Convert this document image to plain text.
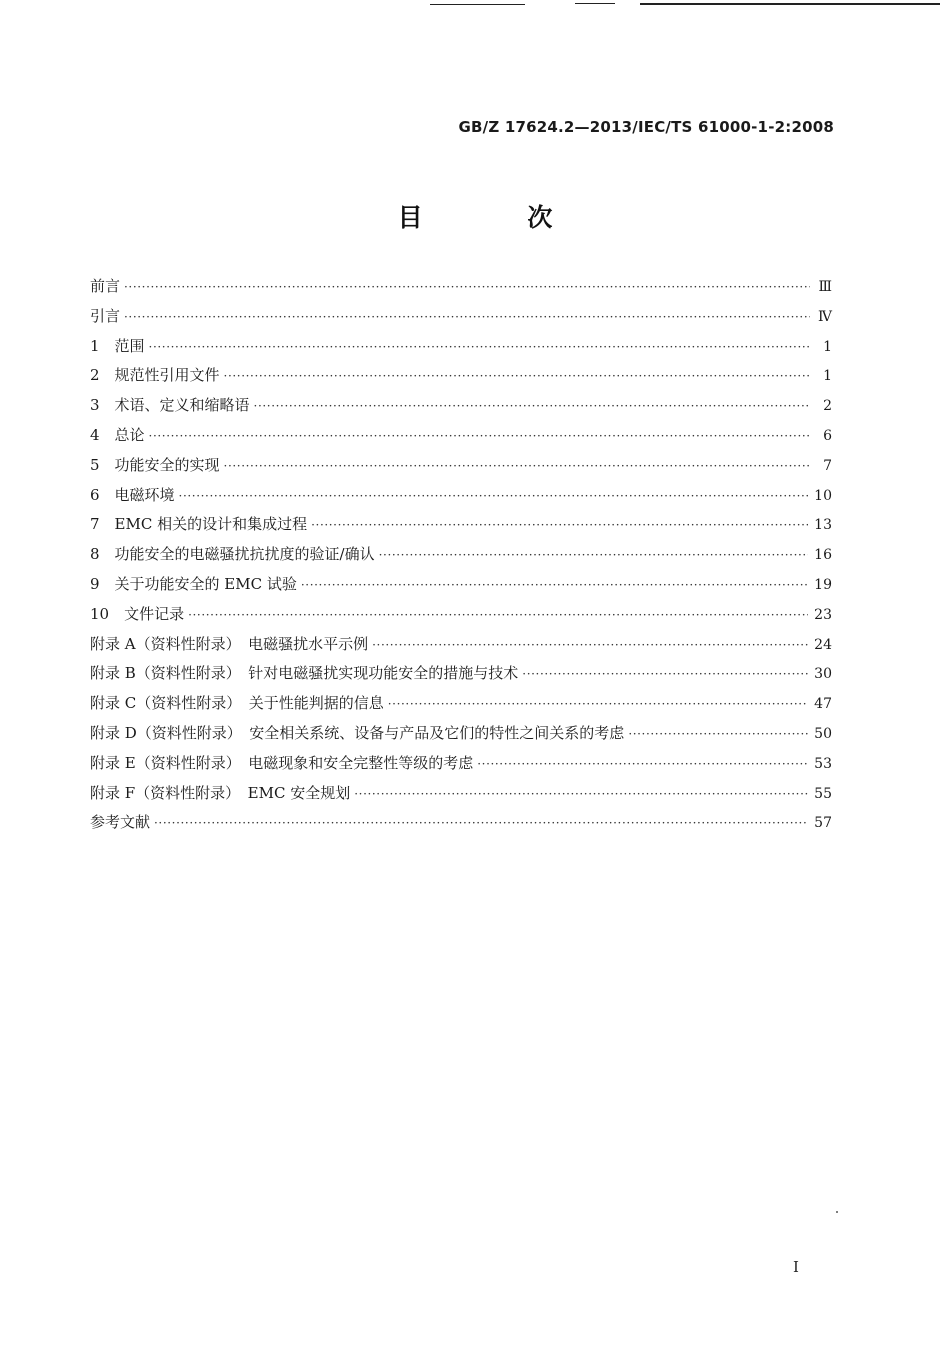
GB/Z 17624.2—2013/IEC/TS 61000-1-2:2008
目 次
前言 ·····	Ⅲ
引言 ·····	Ⅳ
1　范围 ·····	1
2　规范性引用文件 ·····	1
3　术语、定义和缩略语 ·····	2
4　总论 ·····	6
5　功能安全的实现 ·····	7
6　电磁环境 ·····	10
7　EMC 相关的设计和集成过程 ·····	13
8　功能安全的电磁骚扰抗扰度的验证/确认 ·····	16
9　关于功能安全的 EMC 试验 ·····	19
10　文件记录 ·····	23
附录 A（资料性附录）　电磁骚扰水平示例 ·····	24
附录 B（资料性附录）　针对电磁骚扰实现功能安全的措施与技术 ·····	30
附录 C（资料性附录）　关于性能判据的信息 ·····	47
附录 D（资料性附录）　安全相关系统、设备与产品及它们的特性之间关系的考虑 ·····	50
附录 E（资料性附录）　电磁现象和安全完整性等级的考虑 ·····	53
附录 F（资料性附录）　EMC 安全规划 ·····	55
参考文献 ·····	57
I
